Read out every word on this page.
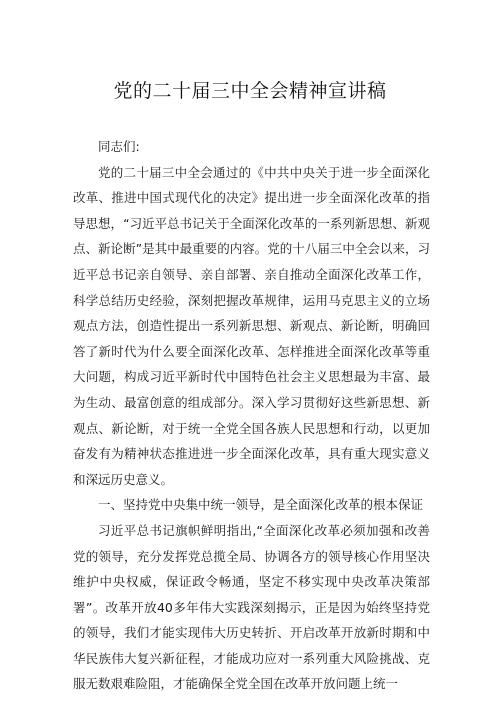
党的二十届三中全会精神宣讲稿

同志们:

党的二十届三中全会通过的《中共中央关于进一步全面深化改革、推进中国式现代化的决定》提出进一步全面深化改革的指导思想，“习近平总书记关于全面深化改革的一系列新思想、新观点、新论断”是其中最重要的内容。党的十八届三中全会以来，习近平总书记亲自领导、亲自部署、亲自推动全面深化改革工作，科学总结历史经验，深刻把握改革规律，运用马克思主义的立场观点方法，创造性提出一系列新思想、新观点、新论断，明确回答了新时代为什么要全面深化改革、怎样推进全面深化改革等重大问题，构成习近平新时代中国特色社会主义思想最为丰富、最为生动、最富创意的组成部分。深入学习贯彻好这些新思想、新观点、新论断，对于统一全党全国各族人民思想和行动，以更加奋发有为精神状态推进进一步全面深化改革，具有重大现实意义和深远历史意义。

一、坚持党中央集中统一领导，是全面深化改革的根本保证

习近平总书记旗帜鲜明指出,“全面深化改革必须加强和改善党的领导，充分发挥党总揽全局、协调各方的领导核心作用坚决维护中央权威，保证政令畅通，坚定不移实现中央改革决策部署”。改革开放40多年伟大实践深刻揭示，正是因为始终坚持党的领导，我们才能实现伟大历史转折、开启改革开放新时期和中华民族伟大复兴新征程，才能成功应对一系列重大风险挑战、克服无数艰难险阻，才能确保全党全国在改革开放问题上统一
